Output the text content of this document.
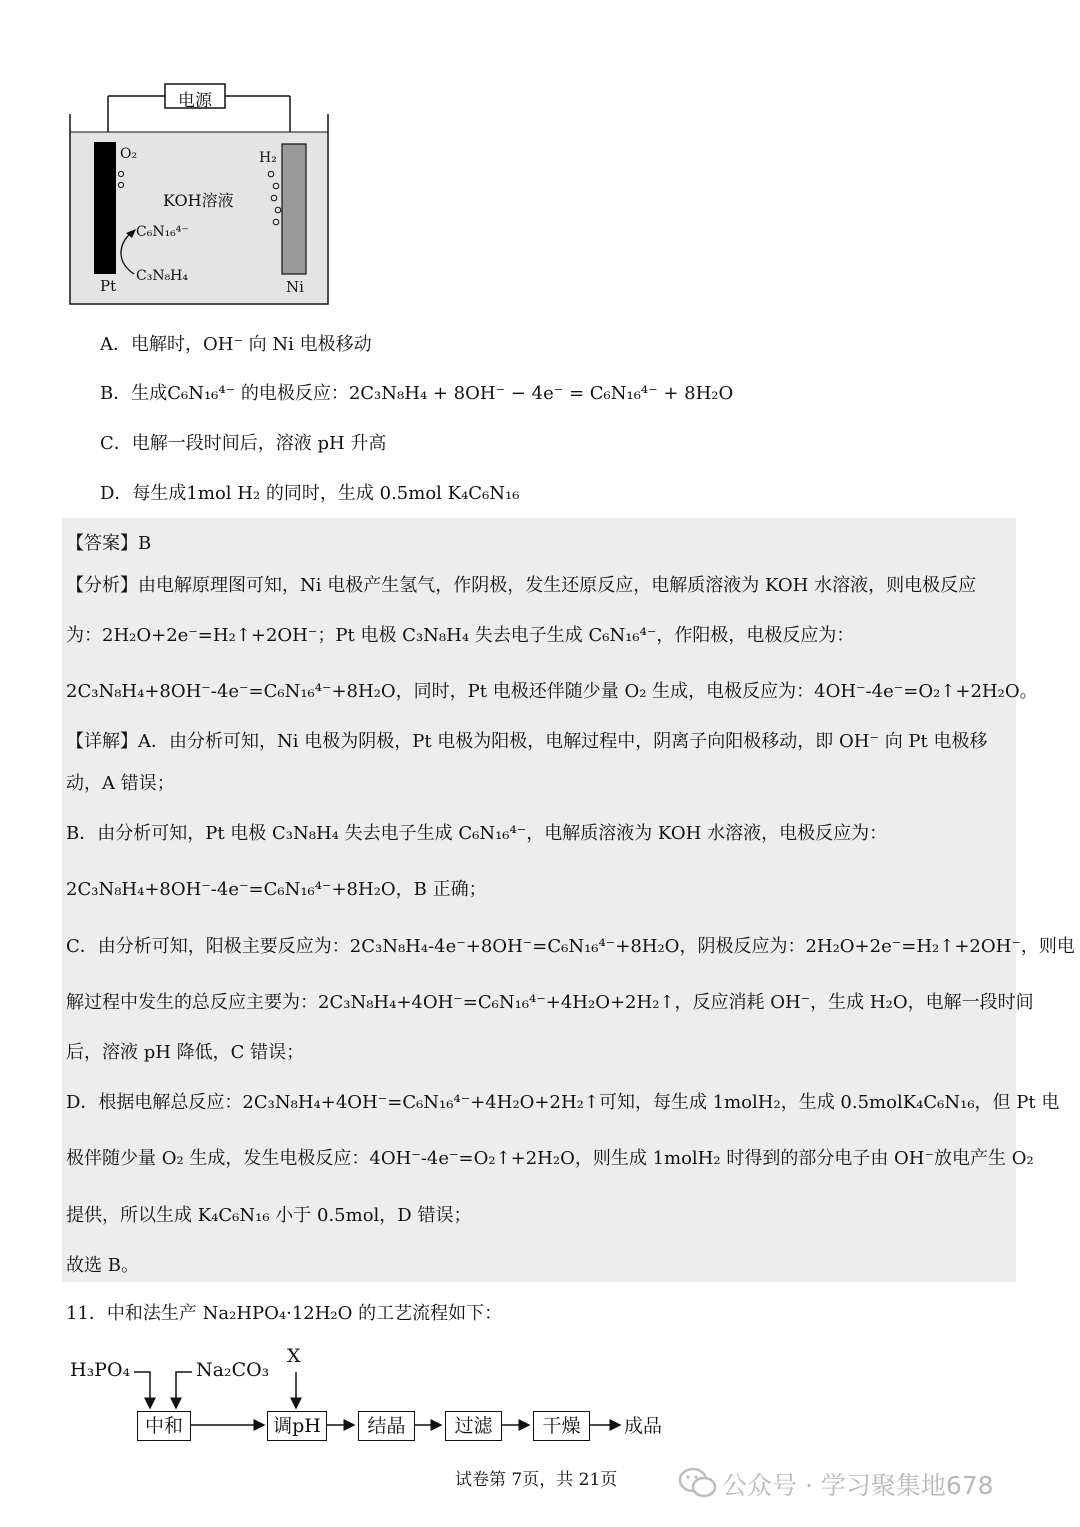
电源
O₂	H₂
KOH溶液
C₆N₁₆⁴⁻
C₃N₈H₄
Pt	Ni
A．电解时，OH⁻ 向 Ni 电极移动
B．生成C₆N₁₆⁴⁻ 的电极反应：2C₃N₈H₄ + 8OH⁻ − 4e⁻ = C₆N₁₆⁴⁻ + 8H₂O
C．电解一段时间后，溶液 pH 升高
D．每生成1mol H₂ 的同时，生成 0.5mol K₄C₆N₁₆
【答案】B
【分析】由电解原理图可知，Ni 电极产生氢气，作阴极，发生还原反应，电解质溶液为 KOH 水溶液，则电极反应
为：2H₂O+2e⁻=H₂↑+2OH⁻；Pt 电极 C₃N₈H₄ 失去电子生成 C₆N₁₆⁴⁻，作阳极，电极反应为：
2C₃N₈H₄+8OH⁻-4e⁻=C₆N₁₆⁴⁻+8H₂O，同时，Pt 电极还伴随少量 O₂ 生成，电极反应为：4OH⁻-4e⁻=O₂↑+2H₂O。
【详解】A．由分析可知，Ni 电极为阴极，Pt 电极为阳极，电解过程中，阴离子向阳极移动，即 OH⁻ 向 Pt 电极移
动，A 错误；
B．由分析可知，Pt 电极 C₃N₈H₄ 失去电子生成 C₆N₁₆⁴⁻，电解质溶液为 KOH 水溶液，电极反应为：
2C₃N₈H₄+8OH⁻-4e⁻=C₆N₁₆⁴⁻+8H₂O，B 正确；
C．由分析可知，阳极主要反应为：2C₃N₈H₄-4e⁻+8OH⁻=C₆N₁₆⁴⁻+8H₂O，阴极反应为：2H₂O+2e⁻=H₂↑+2OH⁻，则电
解过程中发生的总反应主要为：2C₃N₈H₄+4OH⁻=C₆N₁₆⁴⁻+4H₂O+2H₂↑，反应消耗 OH⁻，生成 H₂O，电解一段时间
后，溶液 pH 降低，C 错误；
D．根据电解总反应：2C₃N₈H₄+4OH⁻=C₆N₁₆⁴⁻+4H₂O+2H₂↑可知，每生成 1molH₂，生成 0.5molK₄C₆N₁₆，但 Pt 电
极伴随少量 O₂ 生成，发生电极反应：4OH⁻-4e⁻=O₂↑+2H₂O，则生成 1molH₂ 时得到的部分电子由 OH⁻放电产生 O₂
提供，所以生成 K₄C₆N₁₆ 小于 0.5mol，D 错误；
故选 B。
11．中和法生产 Na₂HPO₄·12H₂O 的工艺流程如下：
H₃PO₄	Na₂CO₃
X
中和	调pH	结晶	过滤	干燥	成品
试卷第 7页，共 21页	公众号 · 学习聚集地678
